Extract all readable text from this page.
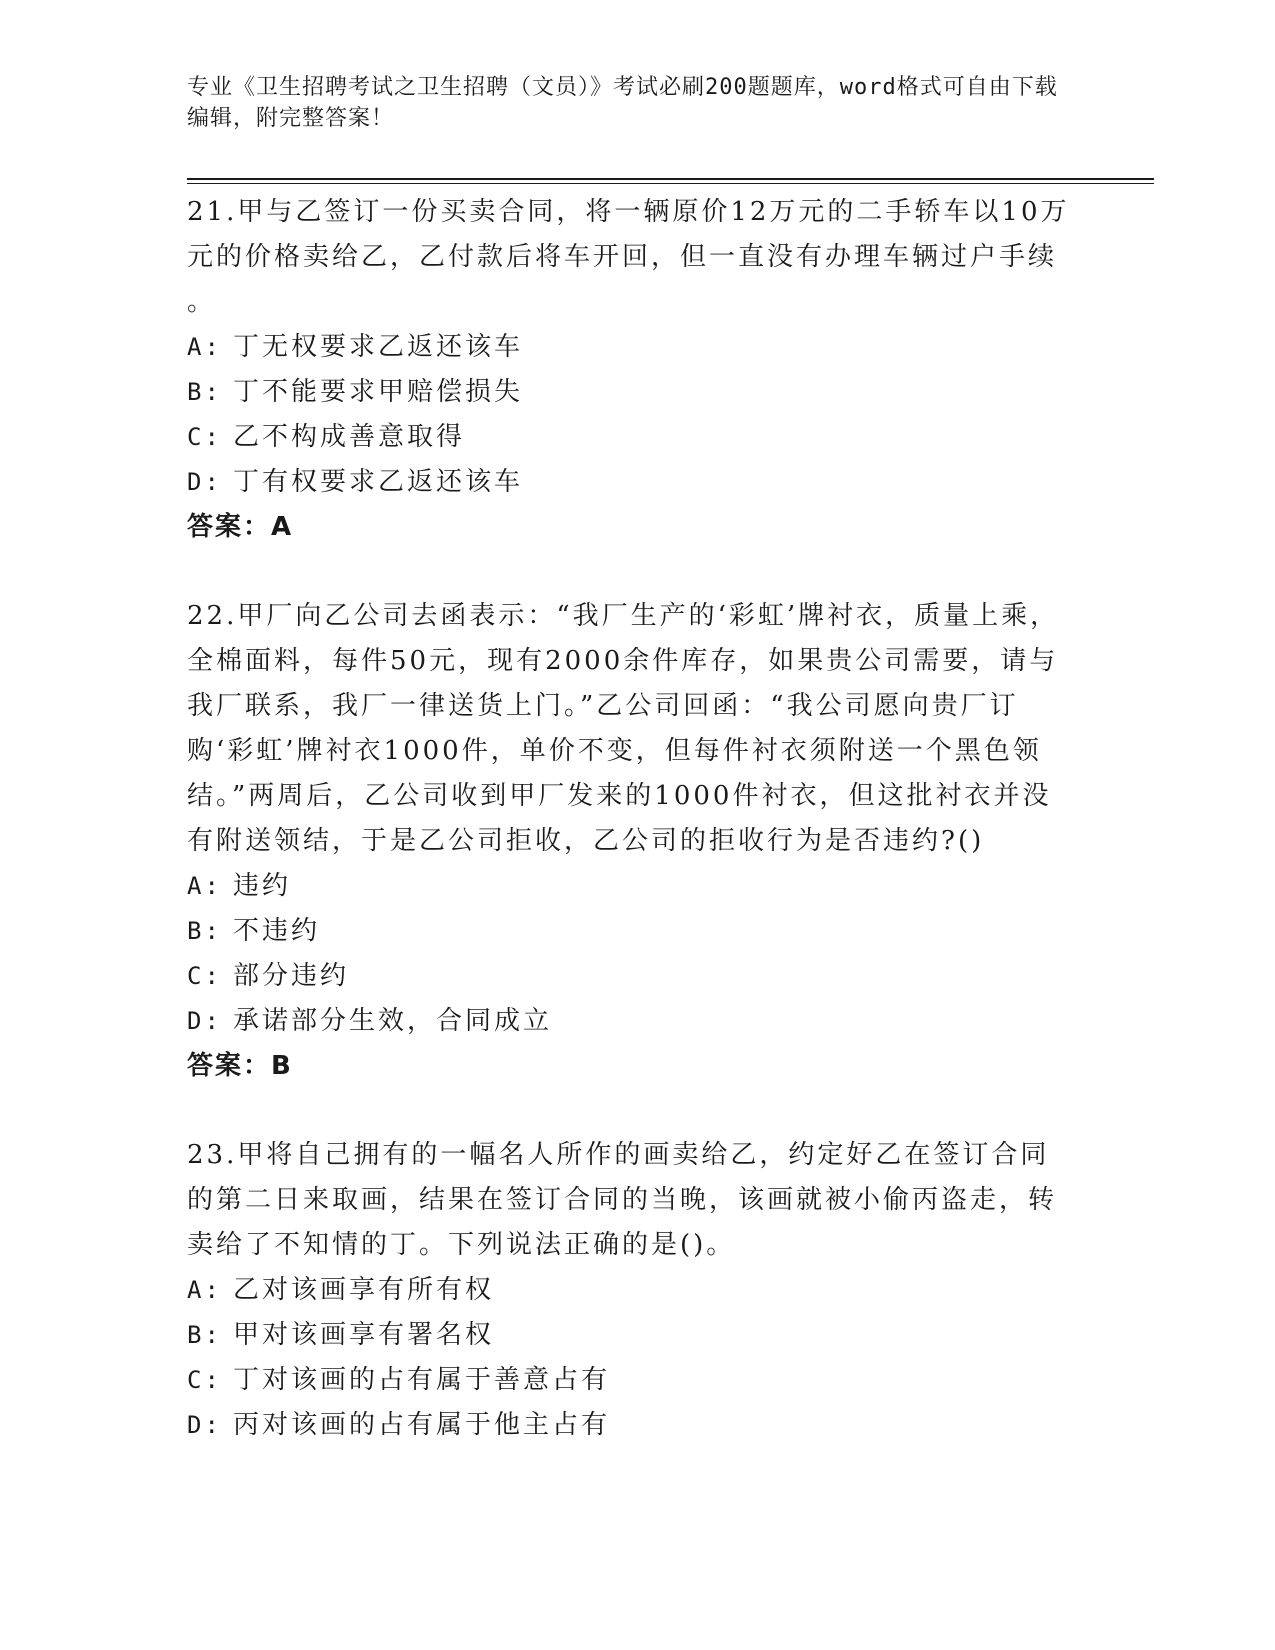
专业《卫生招聘考试之卫生招聘（文员）》考试必刷200题题库，word格式可自由下载编辑，附完整答案！

21.甲与乙签订一份买卖合同，将一辆原价12万元的二手轿车以10万元的价格卖给乙，乙付款后将车开回，但一直没有办理车辆过户手续
。

A: 丁无权要求乙返还该车
B: 丁不能要求甲赔偿损失
C: 乙不构成善意取得
D: 丁有权要求乙返还该车

答案：A

22.甲厂向乙公司去函表示：“我厂生产的‘彩虹’牌衬衣，质量上乘，全棉面料，每件50元，现有2000余件库存，如果贵公司需要，请与我厂联系，我厂一律送货上门。”乙公司回函：“我公司愿向贵厂订购‘彩虹’牌衬衣1000件，单价不变，但每件衬衣须附送一个黑色领结。”两周后，乙公司收到甲厂发来的1000件衬衣，但这批衬衣并没有附送领结，于是乙公司拒收，乙公司的拒收行为是否违约?()

A: 违约
B: 不违约
C: 部分违约
D: 承诺部分生效，合同成立

答案：B

23.甲将自己拥有的一幅名人所作的画卖给乙，约定好乙在签订合同的第二日来取画，结果在签订合同的当晚，该画就被小偷丙盗走，转卖给了不知情的丁。下列说法正确的是()。

A: 乙对该画享有所有权
B: 甲对该画享有署名权
C: 丁对该画的占有属于善意占有
D: 丙对该画的占有属于他主占有
